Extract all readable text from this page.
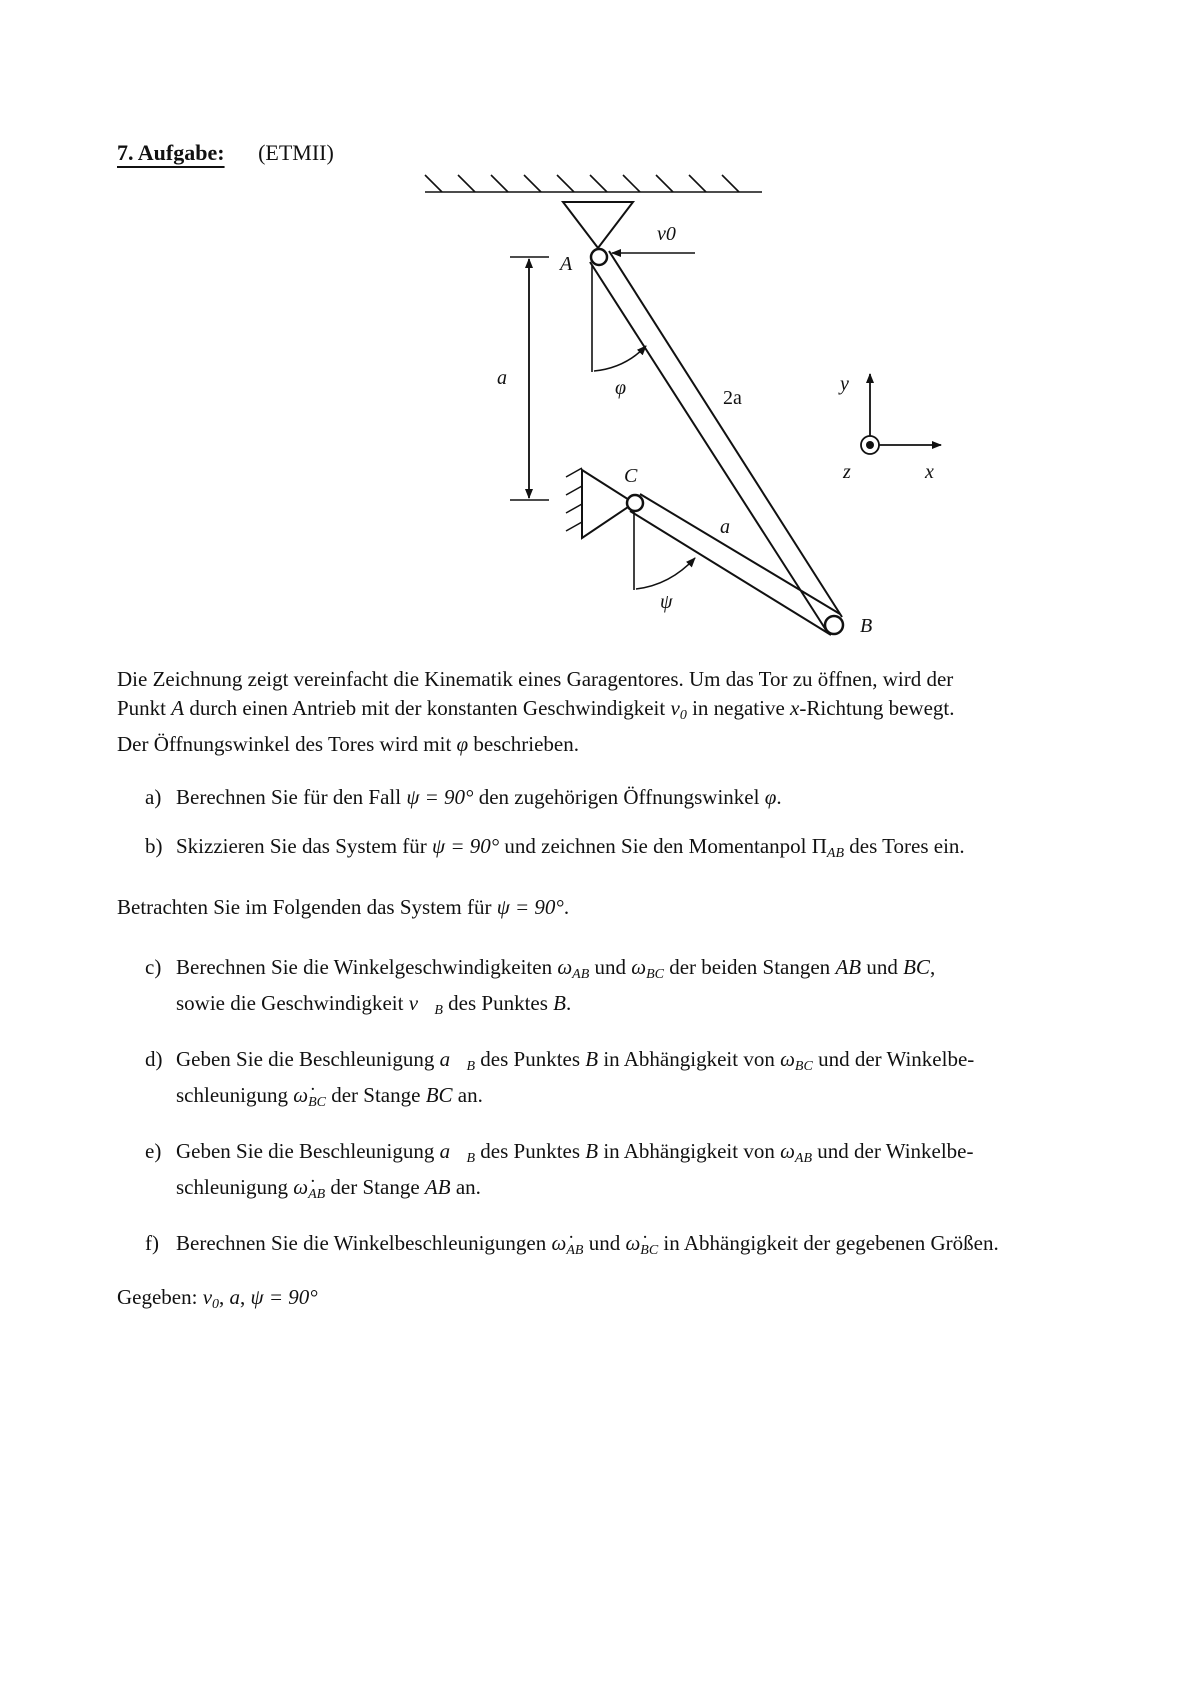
7. Aufgabe: (ETMII)
A
v0
a	φ	2a
C
a
ψ
B
y
z	x
Die Zeichnung zeigt vereinfacht die Kinematik eines Garagentores. Um das Tor zu öffnen, wird der
Punkt A durch einen Antrieb mit der konstanten Geschwindigkeit $v_0$ in negative x-Richtung bewegt.
Der Öffnungswinkel des Tores wird mit φ beschrieben.
a) Berechnen Sie für den Fall ψ = 90° den zugehörigen Öffnungswinkel φ.
b) Skizzieren Sie das System für ψ = 90° und zeichnen Sie den Momentanpol $\Pi_{AB}$ des Tores ein.
Betrachten Sie im Folgenden das System für ψ = 90°.
c) Berechnen Sie die Winkelgeschwindigkeiten $\omega_{AB}$ und $\omega_{BC}$ der beiden Stangen AB und BC,
sowie die Geschwindigkeit $v⃗_B$ des Punktes B.
d) Geben Sie die Beschleunigung $a⃗_B$ des Punktes B in Abhängigkeit von $\omega_{BC}$ und der Winkelbe-
schleunigung $\omegȧ_{BC}$ der Stange BC an.
e) Geben Sie die Beschleunigung $a⃗_B$ des Punktes B in Abhängigkeit von $\omega_{AB}$ und der Winkelbe-
schleunigung $\omegȧ_{AB}$ der Stange AB an.
f) Berechnen Sie die Winkelbeschleunigungen $\omegȧ_{AB}$ und $\omegȧ_{BC}$ in Abhängigkeit der gegebenen Größen.
Gegeben: $v_0$, a, ψ = 90°
